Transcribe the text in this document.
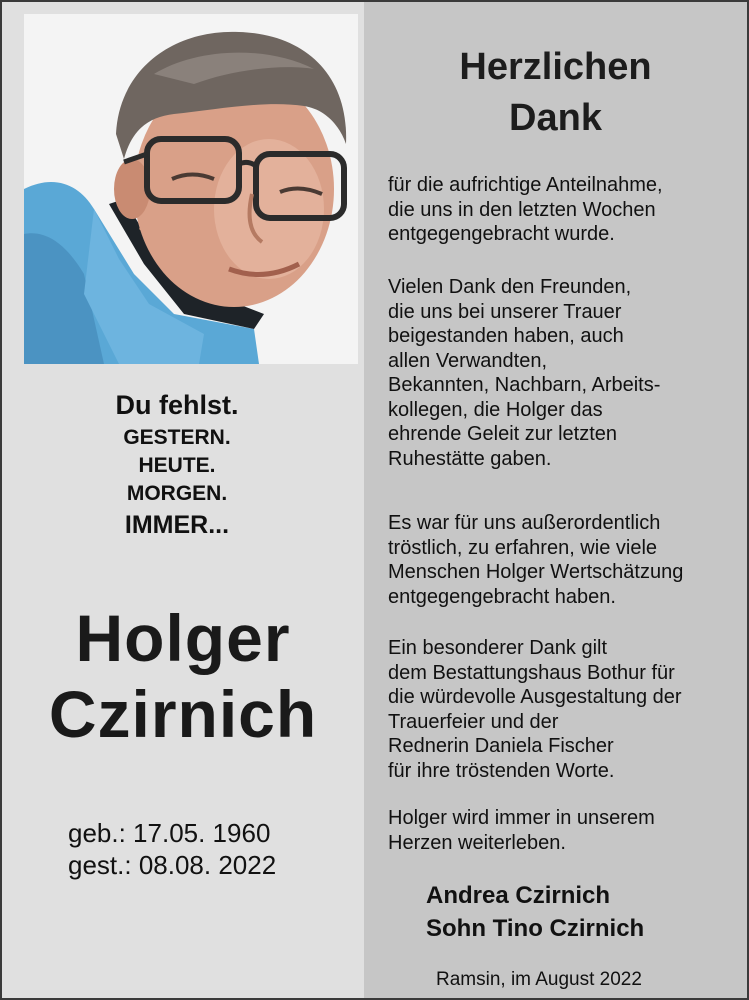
Du fehlst.
GESTERN.
HEUTE.
MORGEN.
IMMER...
Holger
Czirnich
geb.: 17.05. 1960
gest.: 08.08. 2022
Herzlichen
Dank
für die aufrichtige Anteilnahme,
die uns in den letzten Wochen
entgegengebracht wurde.
Vielen Dank den Freunden,
die uns bei unserer Trauer
beigestanden haben, auch
allen Verwandten,
Bekannten, Nachbarn, Arbeits-
kollegen, die Holger das
ehrende Geleit zur letzten
Ruhestätte gaben.
Es war für uns außerordentlich
tröstlich, zu erfahren, wie viele
Menschen Holger Wertschätzung
entgegengebracht haben.
Ein besonderer Dank gilt
dem Bestattungshaus Bothur für
die würdevolle Ausgestaltung der
Trauerfeier und der
Rednerin Daniela Fischer
für ihre tröstenden Worte.
Holger wird immer in unserem
Herzen weiterleben.
Andrea Czirnich
Sohn Tino Czirnich
Ramsin, im August 2022
